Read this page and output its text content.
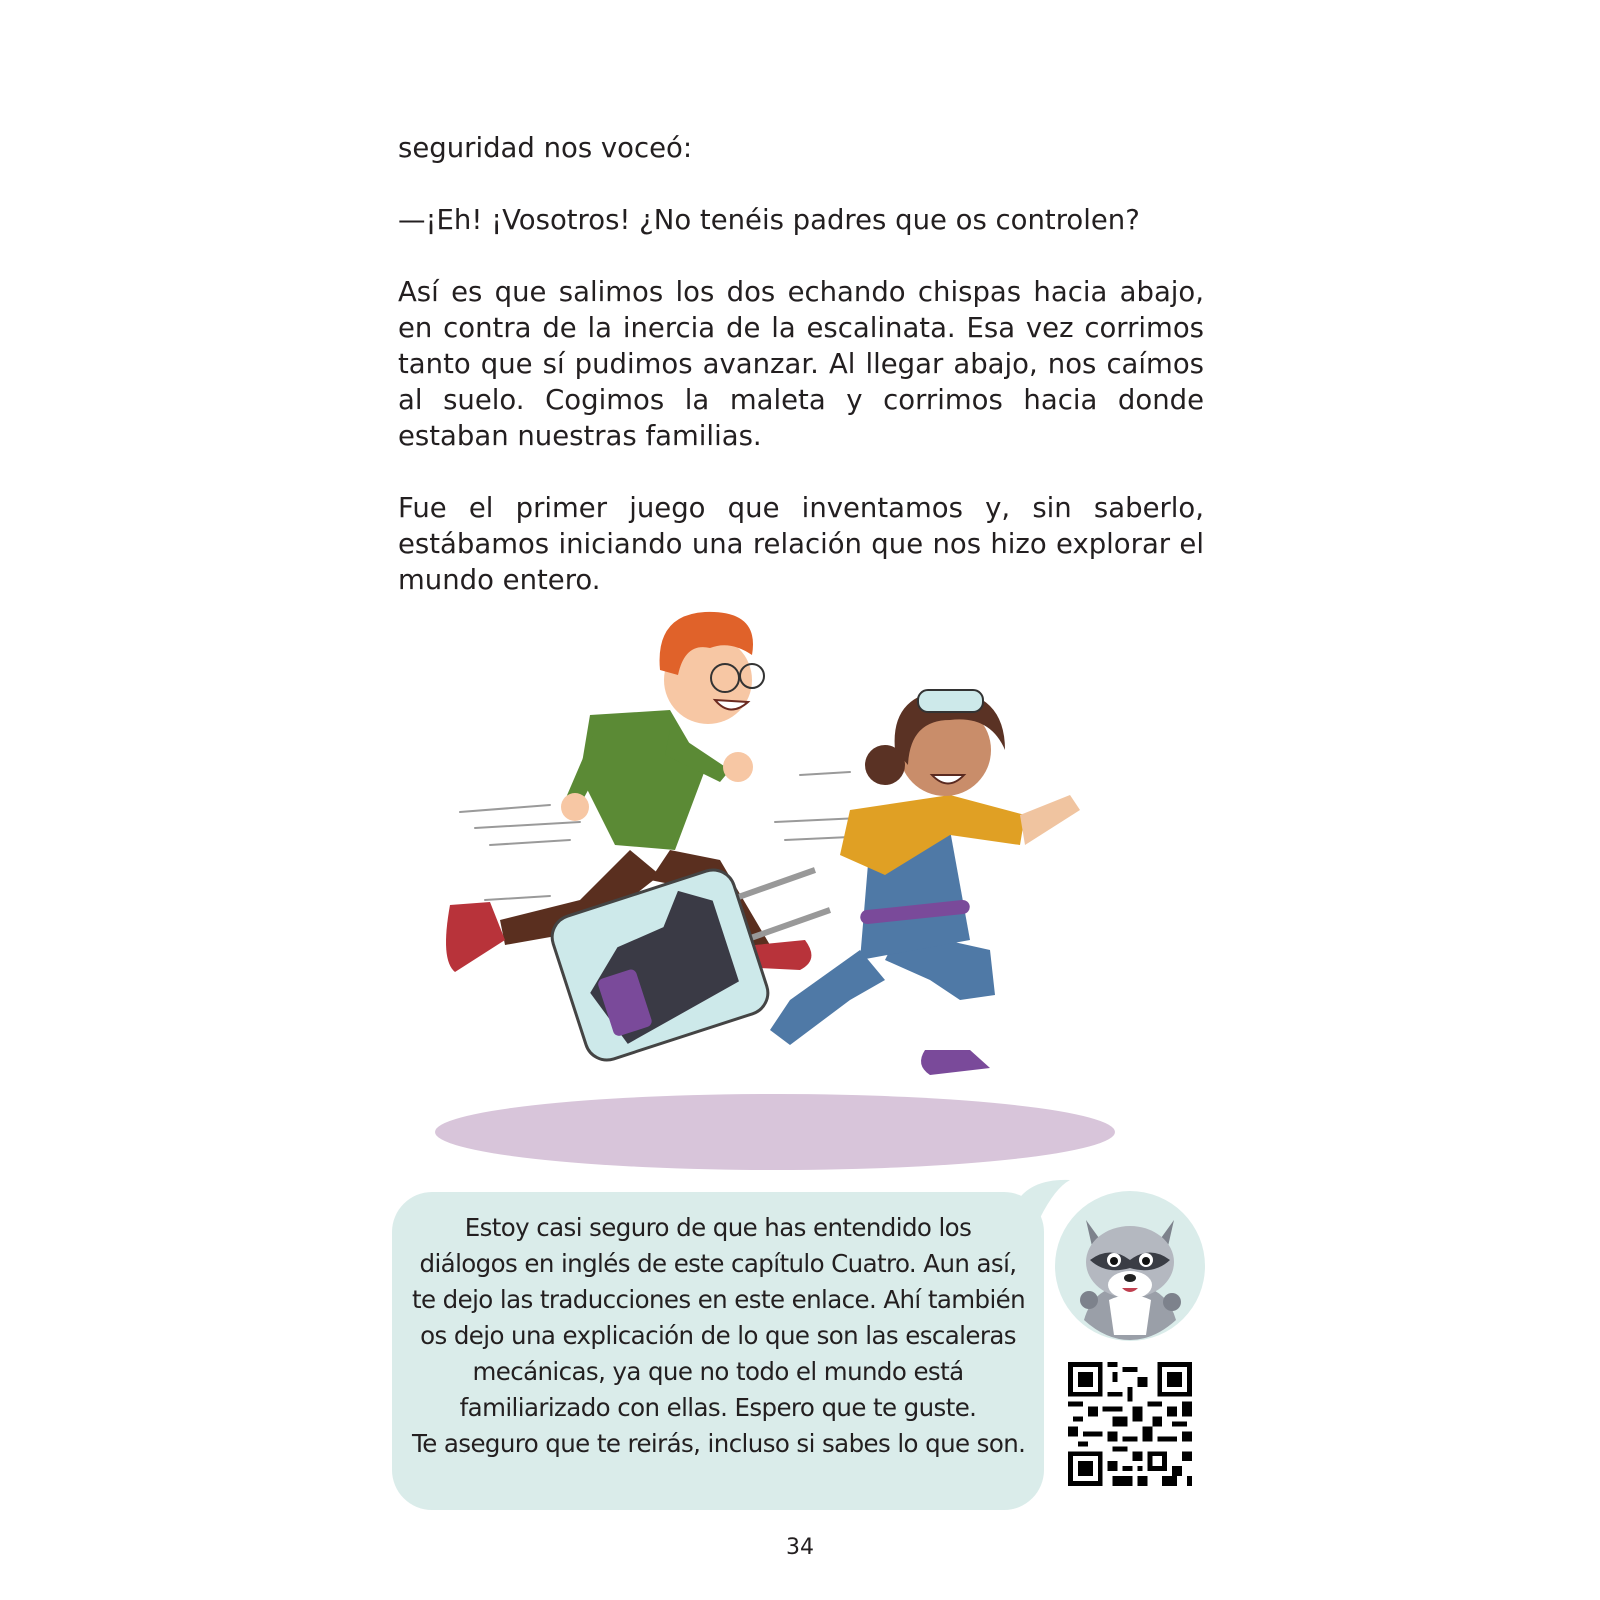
seguridad nos voceó:

—¡Eh! ¡Vosotros! ¿No tenéis padres que os controlen?

Así es que salimos los dos echando chispas hacia abajo, en contra de la inercia de la escalinata. Esa vez corrimos tanto que sí pudimos avanzar. Al llegar abajo, nos caímos al suelo. Cogimos la maleta y corrimos hacia donde estaban nuestras familias.

Fue el primer juego que inventamos y, sin saberlo, estábamos iniciando una relación que nos hizo explorar el mundo entero.

Estoy casi seguro de que has entendido los
diálogos en inglés de este capítulo Cuatro. Aun así,
te dejo las traducciones en este enlace. Ahí también
os dejo una explicación de lo que son las escaleras
mecánicas, ya que no todo el mundo está
familiarizado con ellas. Espero que te guste.
Te aseguro que te reirás, incluso si sabes lo que son.
34
